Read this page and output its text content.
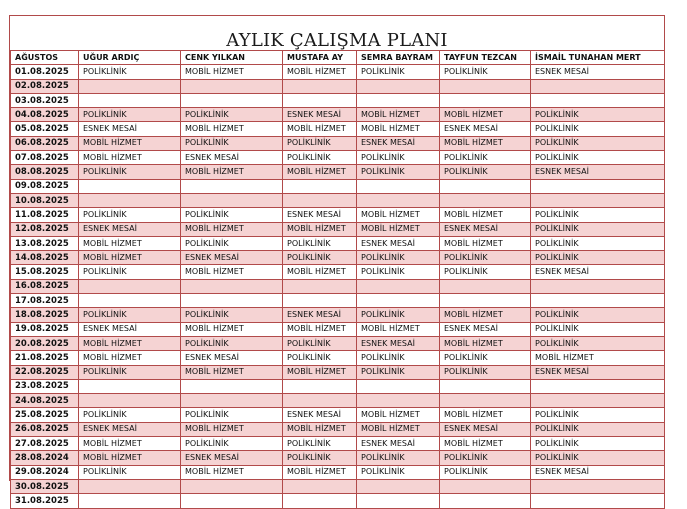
AYLIK ÇALIŞMA PLANI
AĞUSTOS	UĞUR ARDIÇ	CENK YILKAN	MUSTAFA AY	SEMRA BAYRAM	TAYFUN TEZCAN	İSMAİL TUNAHAN MERT
01.08.2025	POLİKLİNİK	MOBİL HİZMET	MOBİL HİZMET	POLİKLİNİK	POLİKLİNİK	ESNEK MESAİ
02.08.2025						
03.08.2025						
04.08.2025	POLİKLİNİK	POLİKLİNİK	ESNEK MESAİ	MOBİL HİZMET	MOBİL HİZMET	POLİKLİNİK
05.08.2025	ESNEK MESAİ	MOBİL HİZMET	MOBİL HİZMET	MOBİL HİZMET	ESNEK MESAİ	POLİKLİNİK
06.08.2025	MOBİL HİZMET	POLİKLİNİK	POLİKLİNİK	ESNEK MESAİ	MOBİL HİZMET	POLİKLİNİK
07.08.2025	MOBİL HİZMET	ESNEK MESAİ	POLİKLİNİK	POLİKLİNİK	POLİKLİNİK	POLİKLİNİK
08.08.2025	POLİKLİNİK	MOBİL HİZMET	MOBİL HİZMET	POLİKLİNİK	POLİKLİNİK	ESNEK MESAİ
09.08.2025						
10.08.2025						
11.08.2025	POLİKLİNİK	POLİKLİNİK	ESNEK MESAİ	MOBİL HİZMET	MOBİL HİZMET	POLİKLİNİK
12.08.2025	ESNEK MESAİ	MOBİL HİZMET	MOBİL HİZMET	MOBİL HİZMET	ESNEK MESAİ	POLİKLİNİK
13.08.2025	MOBİL HİZMET	POLİKLİNİK	POLİKLİNİK	ESNEK MESAİ	MOBİL HİZMET	POLİKLİNİK
14.08.2025	MOBİL HİZMET	ESNEK MESAİ	POLİKLİNİK	POLİKLİNİK	POLİKLİNİK	POLİKLİNİK
15.08.2025	POLİKLİNİK	MOBİL HİZMET	MOBİL HİZMET	POLİKLİNİK	POLİKLİNİK	ESNEK MESAİ
16.08.2025						
17.08.2025						
18.08.2025	POLİKLİNİK	POLİKLİNİK	ESNEK MESAİ	POLİKLİNİK	MOBİL HİZMET	POLİKLİNİK
19.08.2025	ESNEK MESAİ	MOBİL HİZMET	MOBİL HİZMET	MOBİL HİZMET	ESNEK MESAİ	POLİKLİNİK
20.08.2025	MOBİL HİZMET	POLİKLİNİK	POLİKLİNİK	ESNEK MESAİ	MOBİL HİZMET	POLİKLİNİK
21.08.2025	MOBİL HİZMET	ESNEK MESAİ	POLİKLİNİK	POLİKLİNİK	POLİKLİNİK	MOBİL HİZMET
22.08.2025	POLİKLİNİK	MOBİL HİZMET	MOBİL HİZMET	POLİKLİNİK	POLİKLİNİK	ESNEK MESAİ
23.08.2025						
24.08.2025						
25.08.2025	POLİKLİNİK	POLİKLİNİK	ESNEK MESAİ	MOBİL HİZMET	MOBİL HİZMET	POLİKLİNİK
26.08.2025	ESNEK MESAİ	MOBİL HİZMET	MOBİL HİZMET	MOBİL HİZMET	ESNEK MESAİ	POLİKLİNİK
27.08.2025	MOBİL HİZMET	POLİKLİNİK	POLİKLİNİK	ESNEK MESAİ	MOBİL HİZMET	POLİKLİNİK
28.08.2024	MOBİL HİZMET	ESNEK MESAİ	POLİKLİNİK	POLİKLİNİK	POLİKLİNİK	POLİKLİNİK
29.08.2024	POLİKLİNİK	MOBİL HİZMET	MOBİL HİZMET	POLİKLİNİK	POLİKLİNİK	ESNEK MESAİ
30.08.2025						
31.08.2025						
